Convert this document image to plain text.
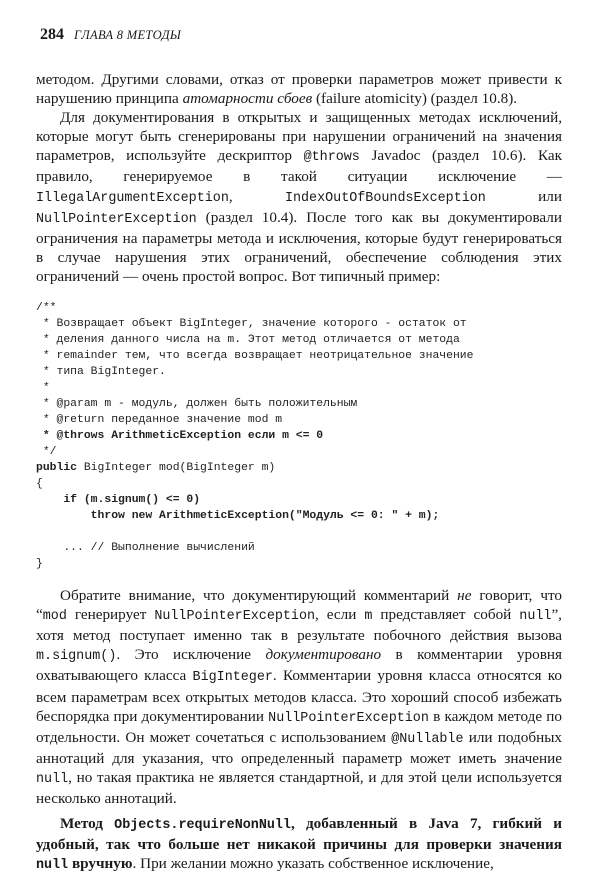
284 ГЛАВА 8 МЕТОДЫ

методом. Другими словами, отказ от проверки параметров может привести к нарушению принципа атомарности сбоев (failure atomicity) (раздел 10.8).

Для документирования в открытых и защищенных методах исключений, которые могут быть сгенерированы при нарушении ограничений на значения параметров, используйте дескриптор @throws Javadoc (раздел 10.6). Как правило, генерируемое в такой ситуации исключение — IllegalArgumentException, IndexOutOfBoundsException или NullPointerException (раздел 10.4). После того как вы документировали ограничения на параметры метода и исключения, которые будут генерироваться в случае нарушения этих ограничений, обеспечение соблюдения этих ограничений — очень простой вопрос. Вот типичный пример:

/**
* Возвращает объект BigInteger, значение которого - остаток от
* деления данного числа на m. Этот метод отличается от метода
* remainder тем, что всегда возвращает неотрицательное значение
* типа BigInteger.
*
* @param m - модуль, должен быть положительным
* @return переданное значение mod m
* @throws ArithmeticException если m <= 0
*/
public BigInteger mod(BigInteger m)
{
if (m.signum() <= 0)
throw new ArithmeticException("Модуль <= 0: " + m);
... // Выполнение вычислений
}

Обратите внимание, что документирующий комментарий не говорит, что “mod генерирует NullPointerException, если m представляет собой null”, хотя метод поступает именно так в результате побочного действия вызова m.signum(). Это исключение документировано в комментарии уровня охватывающего класса BigInteger. Комментарии уровня класса относятся ко всем параметрам всех открытых методов класса. Это хороший способ избежать беспорядка при документировании NullPointerException в каждом методе по отдельности. Он может сочетаться с использованием @Nullable или подобных аннотаций для указания, что определенный параметр может иметь значение null, но такая практика не является стандартной, и для этой цели используется несколько аннотаций.

Метод Objects.requireNonNull, добавленный в Java 7, гибкий и удобный, так что больше нет никакой причины для проверки значения null вручную. При желании можно указать собственное исключение,
